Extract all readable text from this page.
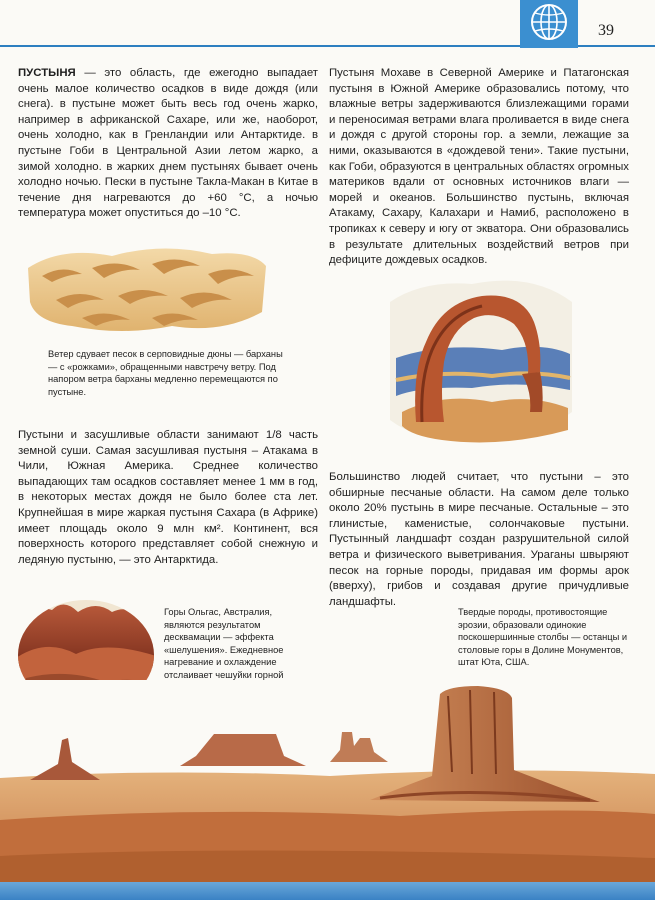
39

ПУСТЫНЯ — это область, где ежегодно выпадает очень малое количество осадков в виде дождя (или снега). в пустыне может быть весь год очень жарко, например в африканской Сахаре, или же, наоборот, очень холодно, как в Гренландии или Антарктиде. в пустыне Гоби в Центральной Азии летом жарко, а зимой холодно. в жарких днем пустынях бывает очень холодно ночью. Пески в пустыне Такла-Макан в Китае в течение дня нагреваются до +60 °С, а ночью температура может опуститься до –10 °С.

Ветер сдувает песок в серповидные дюны — барханы — с «рожками», обращенными навстречу ветру. Под напором ветра барханы медленно перемещаются по пустыне.

Пустыни и засушливые области занимают 1/8 часть земной суши. Самая засушливая пустыня – Атакама в Чили, Южная Америка. Среднее количество выпадающих там осадков составляет менее 1 мм в год, в некоторых местах дождя не было более ста лет. Крупнейшая в мире жаркая пустыня Сахара (в Африке) имеет площадь около 9 млн км². Континент, вся поверхность которого представляет собой снежную и ледяную пустыню, — это Антарктида.

Горы Ольгас, Австралия, являются результатом десквамации — эффекта «шелушения». Ежедневное нагревание и охлаждение отслаивает чешуйки горной

Пустыня Мохаве в Северной Америке и Патагонская пустыня в Южной Америке образовались потому, что влажные ветры задерживаются близлежащими горами и переносимая ветрами влага проливается в виде снега и дождя с другой стороны гор. а земли, лежащие за ними, оказываются в «дождевой тени». Такие пустыни, как Гоби, образуются в центральных областях огромных материков вдали от основных источников влаги — морей и океанов. Большинство пустынь, включая Атакаму, Сахару, Калахари и Намиб, расположено в тропиках к северу и югу от экватора. Они образовались в результате длительных воздействий ветров при дефиците дождевых осадков.

Большинство людей считает, что пустыни – это обширные песчаные области. На самом деле только около 20% пустынь в мире песчаные. Остальные – это глинистые, каменистые, солончаковые пустыни. Пустынный ландшафт создан разрушительной силой ветра и физического выветривания. Ураганы швыряют песок на горные породы, придавая им формы арок (вверху), грибов и создавая другие причудливые ландшафты.

Твердые породы, противостоящие эрозии, образовали одинокие поскошершинные столбы — останцы и столовые горы в Долине Монументов, штат Юта, США.
